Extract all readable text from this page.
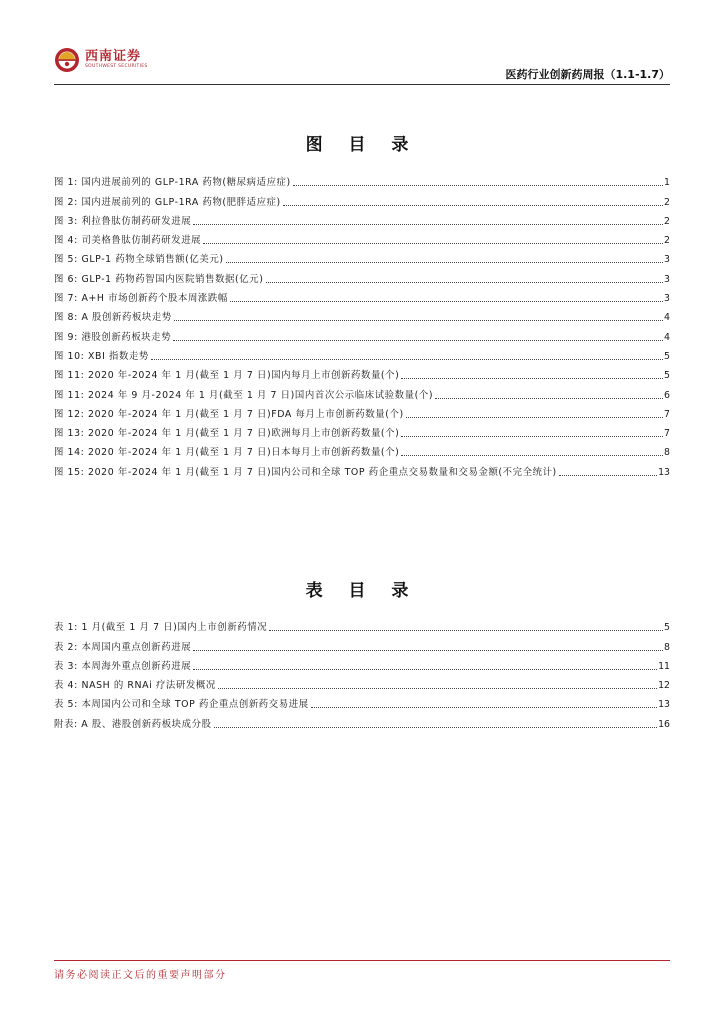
西南证券
SOUTHWEST SECURITIES
医药行业创新药周报（1.1-1.7）
图 目 录
图 1: 国内进展前列的 GLP-1RA 药物(糖尿病适应症)	1
图 2: 国内进展前列的 GLP-1RA 药物(肥胖适应症)	2
图 3: 利拉鲁肽仿制药研发进展	2
图 4: 司美格鲁肽仿制药研发进展	2
图 5: GLP-1 药物全球销售额(亿美元)	3
图 6: GLP-1 药物药智国内医院销售数据(亿元)	3
图 7: A+H 市场创新药个股本周涨跌幅	3
图 8: A 股创新药板块走势	4
图 9: 港股创新药板块走势	4
图 10: XBI 指数走势	5
图 11: 2020 年-2024 年 1 月(截至 1 月 7 日)国内每月上市创新药数量(个)	5
图 11: 2024 年 9 月-2024 年 1 月(截至 1 月 7 日)国内首次公示临床试验数量(个)	6
图 12: 2020 年-2024 年 1 月(截至 1 月 7 日)FDA 每月上市创新药数量(个)	7
图 13: 2020 年-2024 年 1 月(截至 1 月 7 日)欧洲每月上市创新药数量(个)	7
图 14: 2020 年-2024 年 1 月(截至 1 月 7 日)日本每月上市创新药数量(个)	8
图 15: 2020 年-2024 年 1 月(截至 1 月 7 日)国内公司和全球 TOP 药企重点交易数量和交易金额(不完全统计)	13
表 目 录
表 1: 1 月(截至 1 月 7 日)国内上市创新药情况	5
表 2: 本周国内重点创新药进展	8
表 3: 本周海外重点创新药进展	11
表 4: NASH 的 RNAi 疗法研发概况	12
表 5: 本周国内公司和全球 TOP 药企重点创新药交易进展	13
附表: A 股、港股创新药板块成分股	16
请务必阅读正文后的重要声明部分
